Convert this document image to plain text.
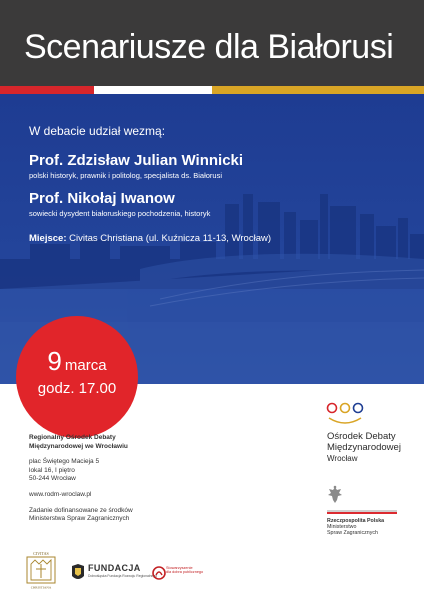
Scenariusze dla Białorusi
W debacie udział wezmą:
Prof. Zdzisław Julian Winnicki
polski historyk, prawnik i politolog, specjalista ds. Białorusi
Prof. Nikołaj Iwanow
sowiecki dysydent białoruskiego pochodzenia, historyk
Miejsce: Civitas Christiana (ul. Kuźnicza 11-13, Wrocław)
9 marca
godz. 17.00

Regionalny Ośrodek Debaty

Międzynarodowej we Wrocławiu

plac Świętego Macieja 5

lokal 16, I piętro

50-244 Wrocław

www.rodm-wroclaw.pl

Zadanie dofinansowane ze środków

Ministerstwa Spraw Zagranicznych

Ośrodek Debaty

Międzynarodowej

Wrocław

Rzeczpospolita Polska

Ministerstwo

Spraw Zagranicznych

CIVITAS
CHRISTIANA
FUNDACJA
Dolnośląska Fundacja Rozwoju Regionalnego

Stowarzyszenie

dla dobra publicznego
